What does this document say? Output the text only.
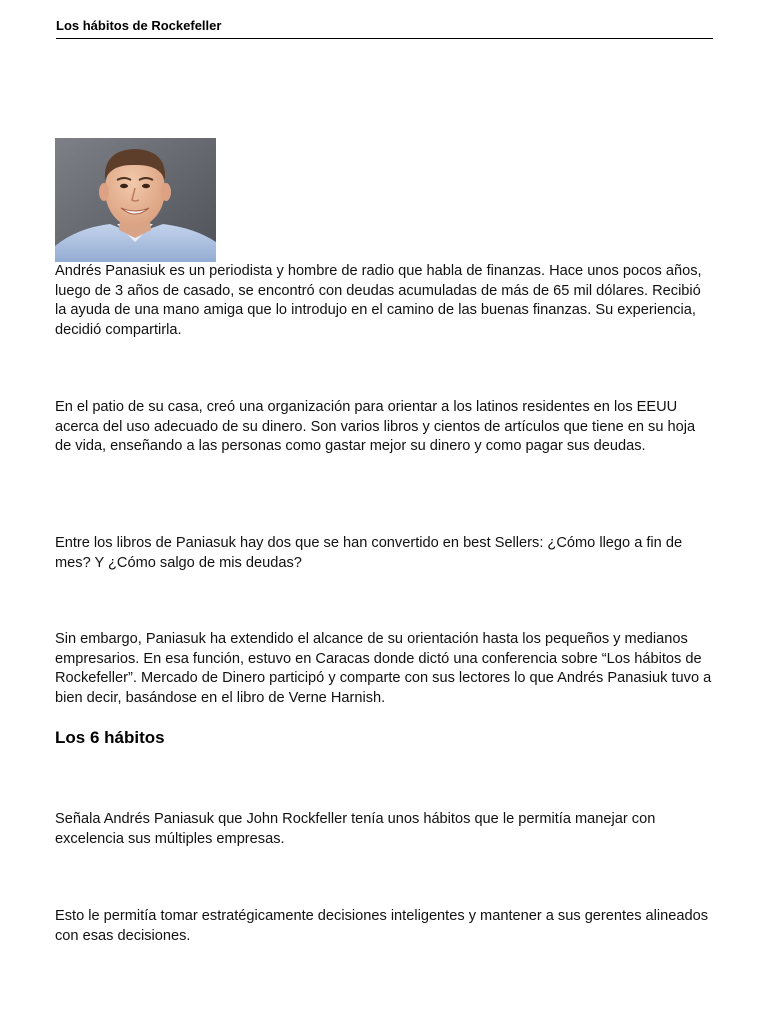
Los hábitos de Rockefeller

Andrés Panasiuk es un periodista y hombre de radio que habla de finanzas. Hace unos pocos años, luego de 3 años de casado, se encontró con deudas acumuladas de más de 65 mil dólares. Recibió la ayuda de una mano amiga que lo introdujo en el camino de las buenas finanzas. Su experiencia, decidió compartirla.

En el patio de su casa, creó una organización para orientar a los latinos residentes en los EEUU acerca del uso adecuado de su dinero. Son varios libros y cientos de artículos que tiene en su hoja de vida, enseñando a las personas como gastar mejor su dinero y como pagar sus deudas.

Entre los libros de Paniasuk hay dos que se han convertido en best Sellers: ¿Cómo llego a fin de mes? Y ¿Cómo salgo de mis deudas?

Sin embargo, Paniasuk ha extendido el alcance de su orientación hasta los pequeños y medianos empresarios. En esa función, estuvo en Caracas donde dictó una conferencia sobre “Los hábitos de Rockefeller”. Mercado de Dinero participó y comparte con sus lectores lo que Andrés Panasiuk tuvo a bien decir, basándose en el libro de Verne Harnish.

Los 6 hábitos

Señala Andrés Paniasuk que John Rockfeller tenía unos hábitos que le permitía manejar con excelencia sus múltiples empresas.

Esto le permitía tomar estratégicamente decisiones inteligentes y mantener a sus gerentes alineados con esas decisiones.
